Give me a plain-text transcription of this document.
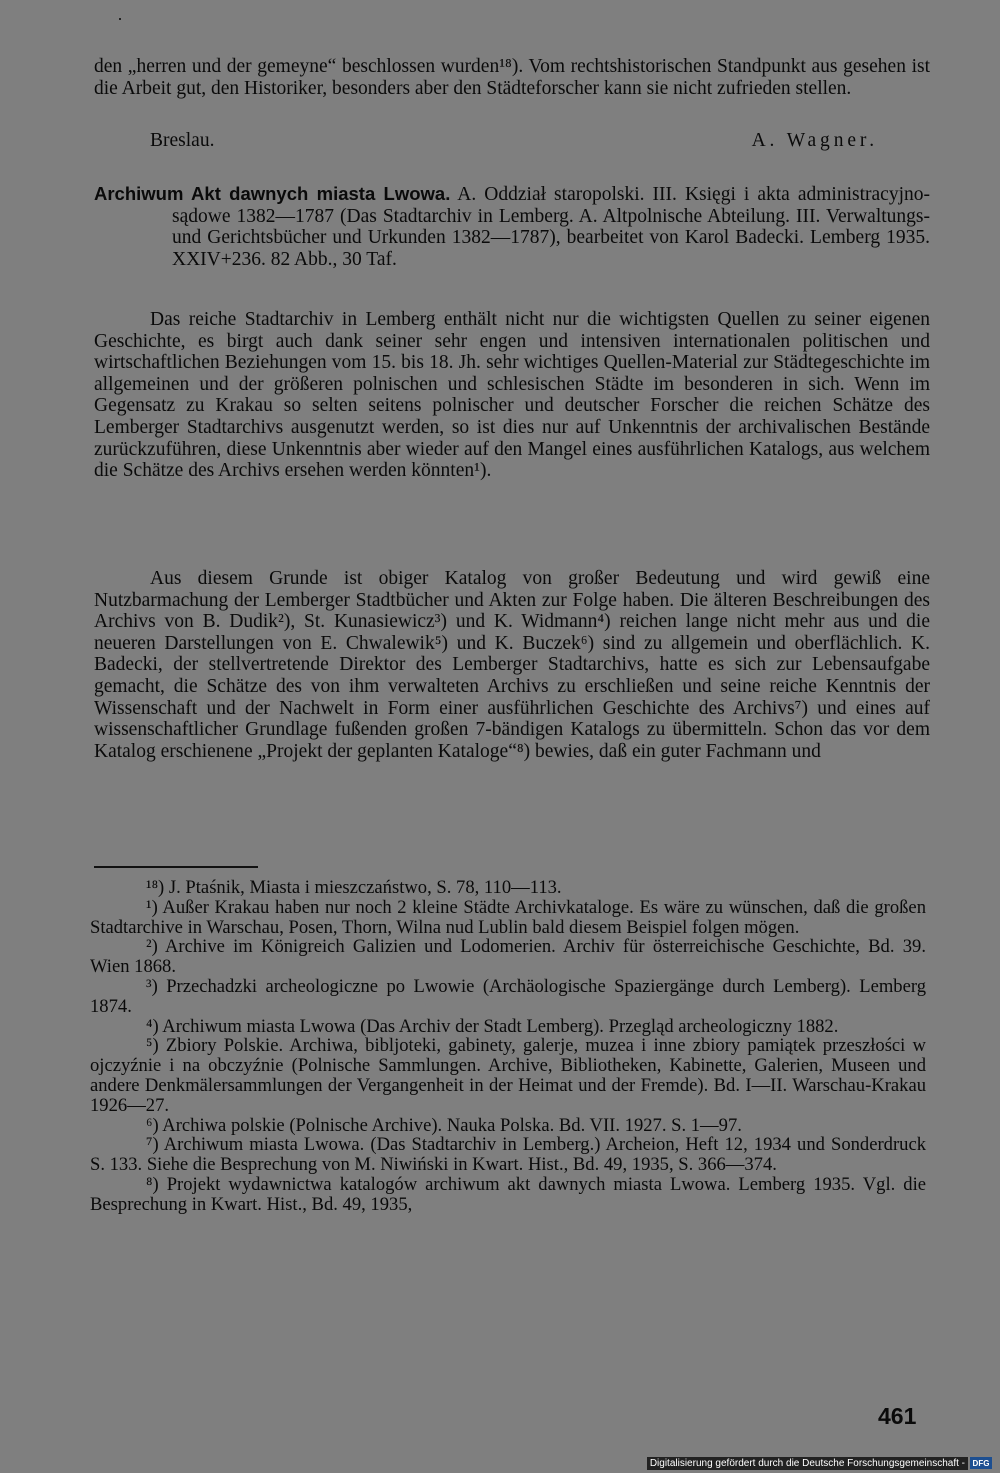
den „herren und der gemeyne“ beschlossen wurden¹⁸). Vom rechtshistorischen Standpunkt aus gesehen ist die Arbeit gut, den Historiker, besonders aber den Städteforscher kann sie nicht zufrieden stellen.

Breslau.	A. Wagner.

Archiwum Akt dawnych miasta Lwowa. A. Oddział staropolski. III. Księgi i akta administracyjno-sądowe 1382—1787 (Das Stadtarchiv in Lemberg. A. Altpolnische Abteilung. III. Verwaltungs- und Gerichtsbücher und Urkunden 1382—1787), bearbeitet von Karol Badecki. Lemberg 1935. XXIV+236. 82 Abb., 30 Taf.

Das reiche Stadtarchiv in Lemberg enthält nicht nur die wichtigsten Quellen zu seiner eigenen Geschichte, es birgt auch dank seiner sehr engen und intensiven internationalen politischen und wirtschaftlichen Beziehungen vom 15. bis 18. Jh. sehr wichtiges Quellen-Material zur Städtegeschichte im allgemeinen und der größeren polnischen und schlesischen Städte im besonderen in sich. Wenn im Gegensatz zu Krakau so selten seitens polnischer und deutscher Forscher die reichen Schätze des Lemberger Stadtarchivs ausgenutzt werden, so ist dies nur auf Unkenntnis der archivalischen Bestände zurückzuführen, diese Unkenntnis aber wieder auf den Mangel eines ausführlichen Katalogs, aus welchem die Schätze des Archivs ersehen werden könnten¹).

Aus diesem Grunde ist obiger Katalog von großer Bedeutung und wird gewiß eine Nutzbarmachung der Lemberger Stadtbücher und Akten zur Folge haben. Die älteren Beschreibungen des Archivs von B. Dudik²), St. Kunasiewicz³) und K. Widmann⁴) reichen lange nicht mehr aus und die neueren Darstellungen von E. Chwalewik⁵) und K. Buczek⁶) sind zu allgemein und oberflächlich. K. Badecki, der stellvertretende Direktor des Lemberger Stadtarchivs, hatte es sich zur Lebensaufgabe gemacht, die Schätze des von ihm verwalteten Archivs zu erschließen und seine reiche Kenntnis der Wissenschaft und der Nachwelt in Form einer ausführlichen Geschichte des Archivs⁷) und eines auf wissenschaftlicher Grundlage fußenden großen 7-bändigen Katalogs zu übermitteln. Schon das vor dem Katalog erschienene „Projekt der geplanten Kataloge“⁸) bewies, daß ein guter Fachmann und

¹⁸) J. Ptaśnik, Miasta i mieszczaństwo, S. 78, 110—113.

¹) Außer Krakau haben nur noch 2 kleine Städte Archivkataloge. Es wäre zu wünschen, daß die großen Stadtarchive in Warschau, Posen, Thorn, Wilna nud Lublin bald diesem Beispiel folgen mögen.

²) Archive im Königreich Galizien und Lodomerien. Archiv für österreichische Geschichte, Bd. 39. Wien 1868.

³) Przechadzki archeologiczne po Lwowie (Archäologische Spaziergänge durch Lemberg). Lemberg 1874.

⁴) Archiwum miasta Lwowa (Das Archiv der Stadt Lemberg). Przegląd archeologiczny 1882.

⁵) Zbiory Polskie. Archiwa, bibljoteki, gabinety, galerje, muzea i inne zbiory pamiątek przeszłości w ojczyźnie i na obczyźnie (Polnische Sammlungen. Archive, Bibliotheken, Kabinette, Galerien, Museen und andere Denkmälersammlungen der Vergangenheit in der Heimat und der Fremde). Bd. I—II. Warschau-Krakau 1926—27.

⁶) Archiwa polskie (Polnische Archive). Nauka Polska. Bd. VII. 1927. S. 1—97.

⁷) Archiwum miasta Lwowa. (Das Stadtarchiv in Lemberg.) Archeion, Heft 12, 1934 und Sonderdruck S. 133. Siehe die Besprechung von M. Niwiński in Kwart. Hist., Bd. 49, 1935, S. 366—374.

⁸) Projekt wydawnictwa katalogów archiwum akt dawnych miasta Lwowa. Lemberg 1935. Vgl. die Besprechung in Kwart. Hist., Bd. 49, 1935,

461
Digitalisierung gefördert durch die Deutsche Forschungsgemeinschaft - DFG
